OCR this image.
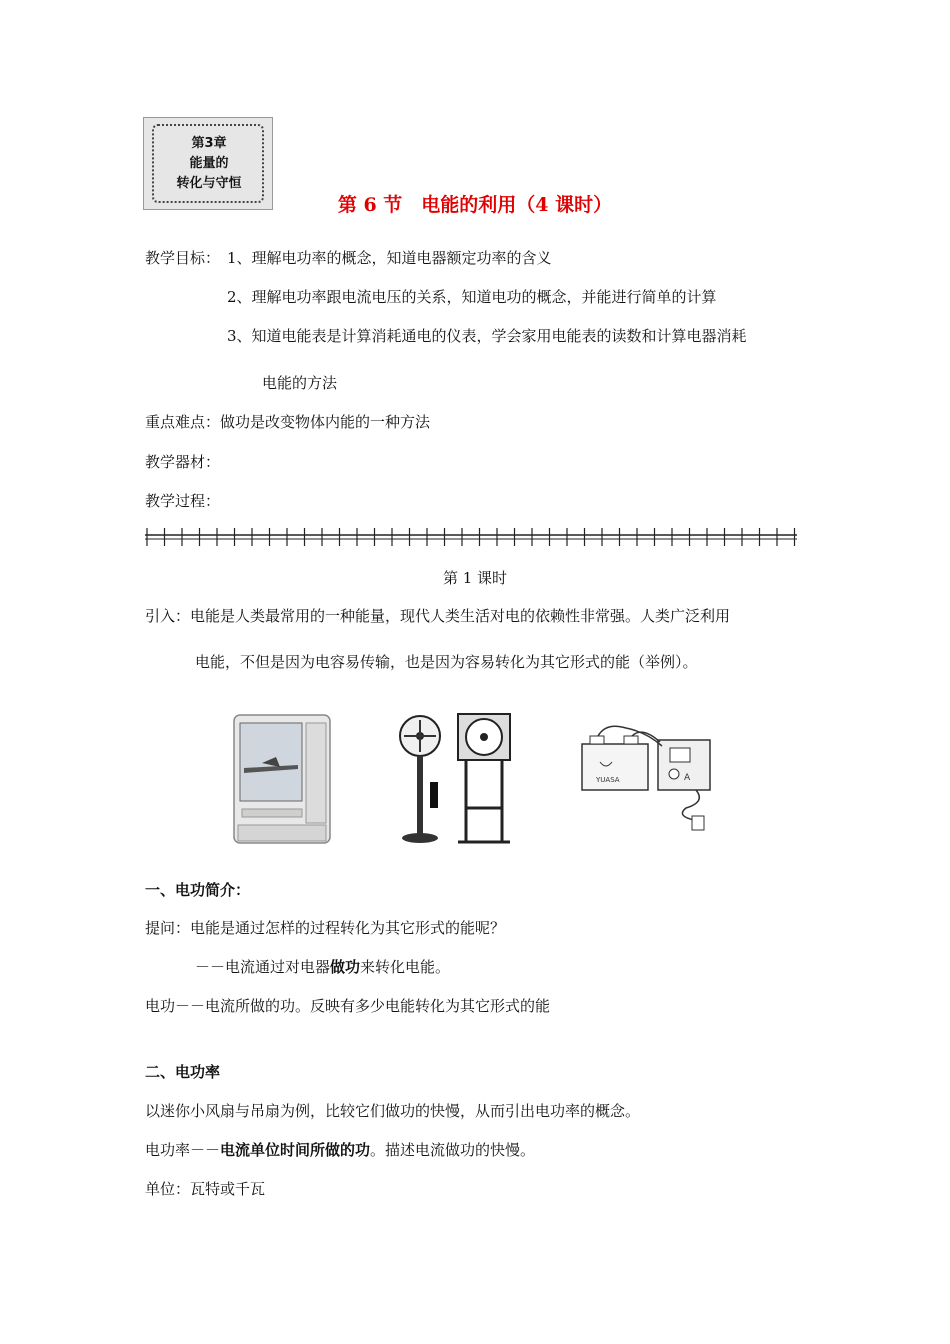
第3章
能量的
转化与守恒
第 6 节　电能的利用（4 课时）
教学目标： 1、理解电功率的概念，知道电器额定功率的含义
2、理解电功率跟电流电压的关系，知道电功的概念，并能进行简单的计算
3、知道电能表是计算消耗通电的仪表，学会家用电能表的读数和计算电器消耗
电能的方法
重点难点：做功是改变物体内能的一种方法
教学器材：
教学过程：
第 1 课时
引入：电能是人类最常用的一种能量，现代人类生活对电的依赖性非常强。人类广泛利用
电能，不但是因为电容易传输，也是因为容易转化为其它形式的能（举例）。
YUASA	A
一、电功简介：
提问：电能是通过怎样的过程转化为其它形式的能呢？
－－电流通过对电器做功来转化电能。
电功－－电流所做的功。反映有多少电能转化为其它形式的能
二、电功率
以迷你小风扇与吊扇为例，比较它们做功的快慢，从而引出电功率的概念。
电功率－－电流单位时间所做的功。描述电流做功的快慢。
单位：瓦特或千瓦
